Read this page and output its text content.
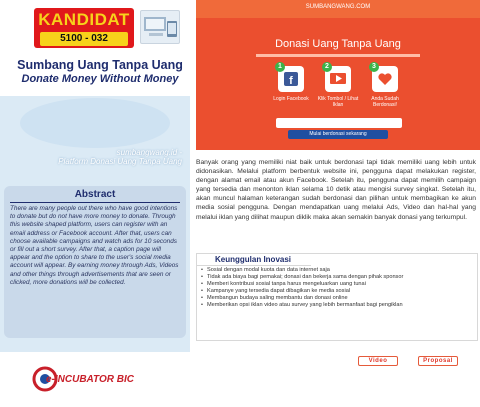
KANDIDAT
5100 - 032
Sumbang Uang Tanpa Uang
Donate Money Without Money
sumbangwang.id -
Platform Donasi Uang Tanpa Uang
Abstract
There are many people out there who have good intentions to donate but do not have more money to donate. Through this website shaped platform, users can register with an email address or Facebook account. After that, users can choose available campaigns and watch ads for 10 seconds or fill out a short survey. After that, a caption page will appear and the option to share to the user's social media account will appear. By earning money through Ads, Videos and other things through advertisements that are seen or clicked, more donations will be collected.
e-INCUBATOR BIC
SUMBANGWANG.COM
Donasi Uang Tanpa Uang
f
1	2	3
Login Facebook	Klik Tombol / Lihat Iklan
Anda Sudah Berdonasi!
Mulai berdonasi sekarang
Banyak orang yang memiliki niat baik untuk berdonasi tapi tidak memiliki uang lebih untuk didonasikan. Melalui platform berbentuk website ini, pengguna dapat melakukan register, dengan alamat email atau akun Facebook. Setelah itu, pengguna dapat memilih campaign yang tersedia dan menonton iklan selama 10 detik atau mengisi survey singkat. Setelah itu, akan muncul halaman keterangan sudah berdonasi dan pilihan untuk membagikan ke akun media sosial pengguna. Dengan mendapatkan uang melalui Ads, Video dan hal-hal yang melalui iklan yang dilihat maupun diklik maka akan semakin banyak donasi yang terkumpul.
Keunggulan Inovasi
• Sosial dengan modal kuota dan data internet saja
• Tidak ada biaya bagi pemakai; donasi dan bekerja sama dengan pihak sponsor
• Memberi kontribusi sosial tanpa harus mengeluarkan uang tunai
• Kampanye yang tersedia dapat dibagikan ke media sosial
• Membangun budaya saling membantu dan donasi online
• Memberikan opsi iklan video atau survey yang lebih bermanfaat bagi pengiklan
Video	Proposal
